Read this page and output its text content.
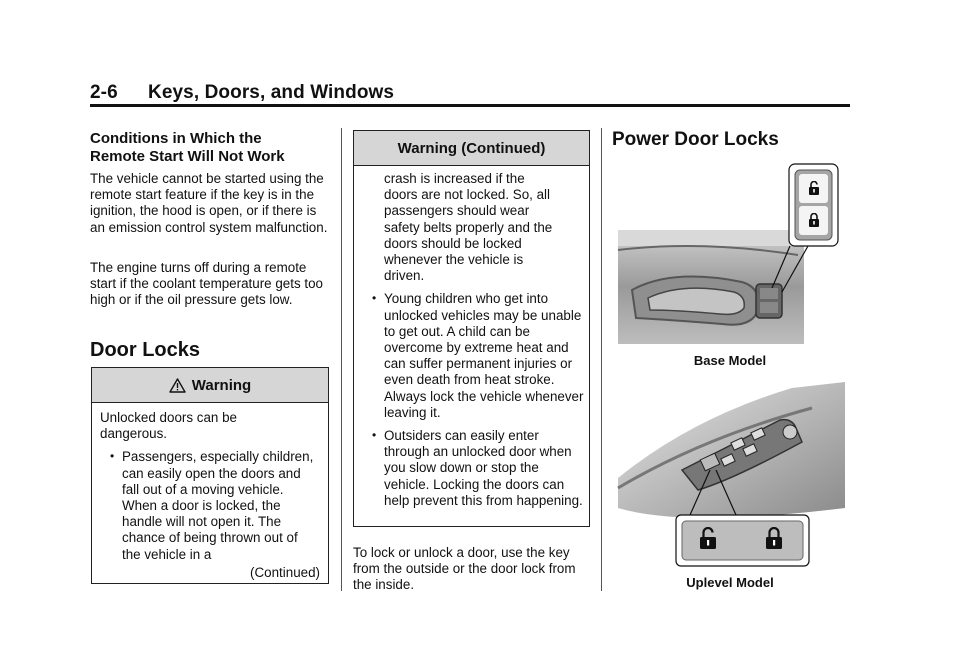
2-6 Keys, Doors, and Windows
Conditions in Which the Remote Start Will Not Work
The vehicle cannot be started using the remote start feature if the key is in the ignition, the hood is open, or if there is an emission control system malfunction.
The engine turns off during a remote start if the coolant temperature gets too high or if the oil pressure gets low.
Door Locks
Warning
Unlocked doors can be dangerous.
• Passengers, especially children, can easily open the doors and fall out of a moving vehicle. When a door is locked, the handle will not open it. The chance of being thrown out of the vehicle in a
(Continued)
Warning (Continued)
crash is increased if the doors are not locked. So, all passengers should wear safety belts properly and the doors should be locked whenever the vehicle is driven.
• Young children who get into unlocked vehicles may be unable to get out. A child can be overcome by extreme heat and can suffer permanent injuries or even death from heat stroke. Always lock the vehicle whenever leaving it.
• Outsiders can easily enter through an unlocked door when you slow down or stop the vehicle. Locking the doors can help prevent this from happening.
To lock or unlock a door, use the key from the outside or the door lock from the inside.
Power Door Locks
Base Model
Uplevel Model
